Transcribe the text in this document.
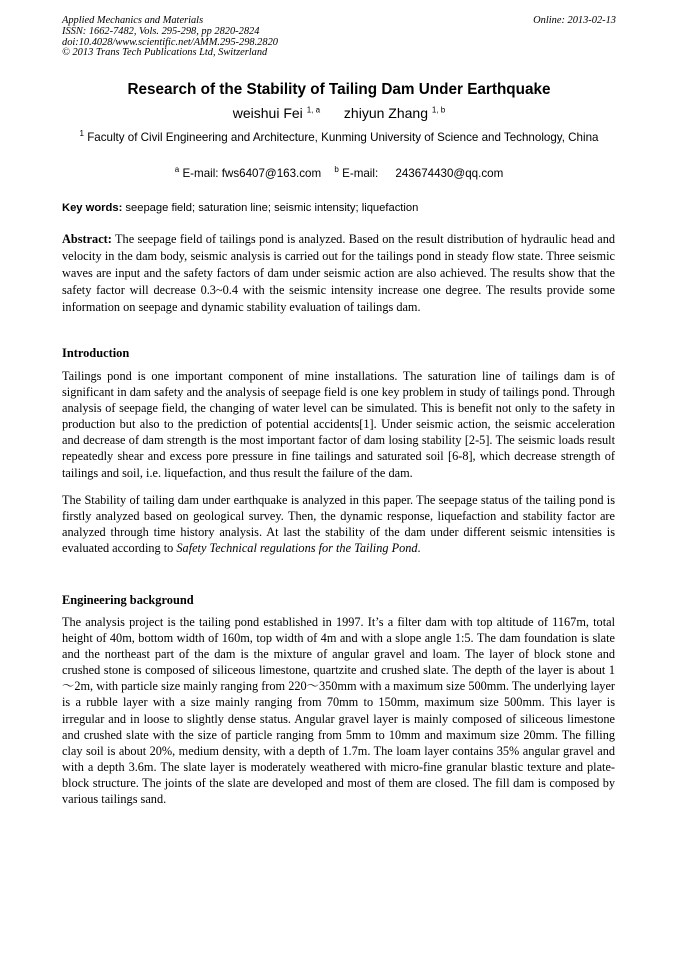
Applied Mechanics and Materials
ISSN: 1662-7482, Vols. 295-298, pp 2820-2824
doi:10.4028/www.scientific.net/AMM.295-298.2820
© 2013 Trans Tech Publications Ltd, Switzerland
Online: 2013-02-13
Research of the Stability of Tailing Dam Under Earthquake
weishui Fei $^{1, a}$ zhiyun Zhang $^{1, b}$
$^1$ Faculty of Civil Engineering and Architecture, Kunming University of Science and Technology, China
$^a$ E-mail: fws6407@163.com $^b$ E-mail: 243674430@qq.com
Key words: seepage field; saturation line; seismic intensity; liquefaction
Abstract: The seepage field of tailings pond is analyzed. Based on the result distribution of hydraulic head and velocity in the dam body, seismic analysis is carried out for the tailings pond in steady flow state. Three seismic waves are input and the safety factors of dam under seismic action are also achieved. The results show that the safety factor will decrease 0.3~0.4 with the seismic intensity increase one degree. The results provide some information on seepage and dynamic stability evaluation of tailings dam.
Introduction
Tailings pond is one important component of mine installations. The saturation line of tailings dam is of significant in dam safety and the analysis of seepage field is one key problem in study of tailings pond. Through analysis of seepage field, the changing of water level can be simulated. This is benefit not only to the safety in production but also to the prediction of potential accidents[1]. Under seismic action, the seismic acceleration and decrease of dam strength is the most important factor of dam losing stability [2-5]. The seismic loads result repeatedly shear and excess pore pressure in fine tailings and saturated soil [6-8], which decrease strength of tailings and soil, i.e. liquefaction, and thus result the failure of the dam.
The Stability of tailing dam under earthquake is analyzed in this paper. The seepage status of the tailing pond is firstly analyzed based on geological survey. Then, the dynamic response, liquefaction and stability factor are analyzed through time history analysis. At last the stability of the dam under different seismic intensities is evaluated according to Safety Technical regulations for the Tailing Pond.
Engineering background
The analysis project is the tailing pond established in 1997. It’s a filter dam with top altitude of 1167m, total height of 40m, bottom width of 160m, top width of 4m and with a slope angle 1:5. The dam foundation is slate and the northeast part of the dam is the mixture of angular gravel and loam. The layer of block stone and crushed stone is composed of siliceous limestone, quartzite and crushed slate. The depth of the layer is about 1～2m, with particle size mainly ranging from 220～350mm with a maximum size 500mm. The underlying layer is a rubble layer with a size mainly ranging from 70mm to 150mm, maximum size 500mm. This layer is irregular and in loose to slightly dense status. Angular gravel layer is mainly composed of siliceous limestone and crushed slate with the size of particle ranging from 5mm to 10mm and maximum size 20mm. The filling clay soil is about 20%, medium density, with a depth of 1.7m. The loam layer contains 35% angular gravel and with a depth 3.6m. The slate layer is moderately weathered with micro-fine granular blastic texture and plate-block structure. The joints of the slate are developed and most of them are closed. The fill dam is composed by various tailings sand.
